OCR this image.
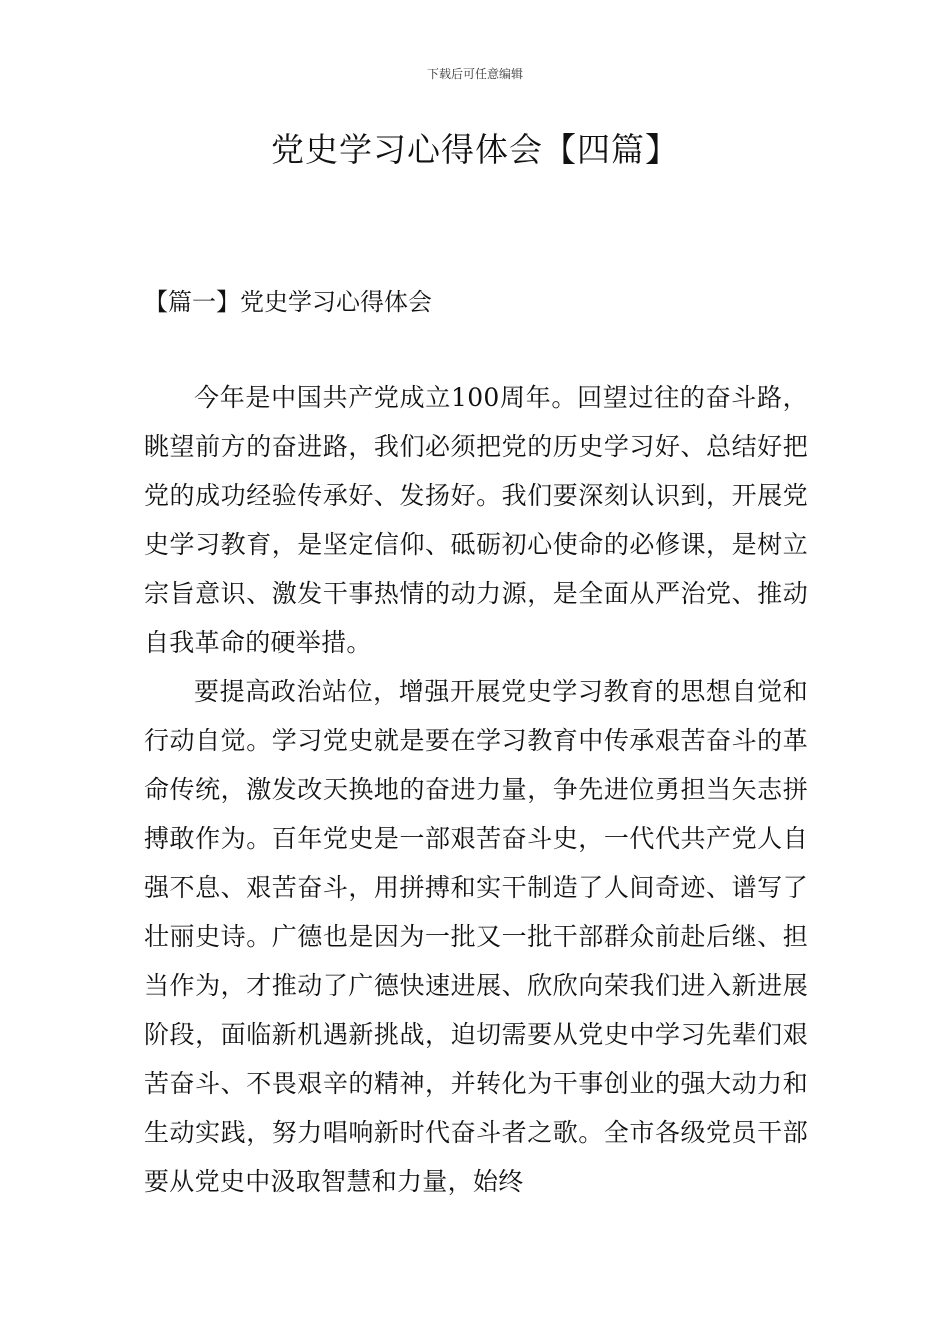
下载后可任意编辑
党史学习心得体会【四篇】
【篇一】党史学习心得体会

今年是中国共产党成立100周年。回望过往的奋斗路，眺望前方的奋进路，我们必须把党的历史学习好、总结好把党的成功经验传承好、发扬好。我们要深刻认识到，开展党史学习教育，是坚定信仰、砥砺初心使命的必修课，是树立宗旨意识、激发干事热情的动力源，是全面从严治党、推动自我革命的硬举措。

要提高政治站位，增强开展党史学习教育的思想自觉和行动自觉。学习党史就是要在学习教育中传承艰苦奋斗的革命传统，激发改天换地的奋进力量，争先进位勇担当矢志拼搏敢作为。百年党史是一部艰苦奋斗史，一代代共产党人自强不息、艰苦奋斗，用拼搏和实干制造了人间奇迹、谱写了壮丽史诗。广德也是因为一批又一批干部群众前赴后继、担当作为，才推动了广德快速进展、欣欣向荣我们进入新进展阶段，面临新机遇新挑战，迫切需要从党史中学习先辈们艰苦奋斗、不畏艰辛的精神，并转化为干事创业的强大动力和生动实践，努力唱响新时代奋斗者之歌。全市各级党员干部要从党史中汲取智慧和力量，始终
